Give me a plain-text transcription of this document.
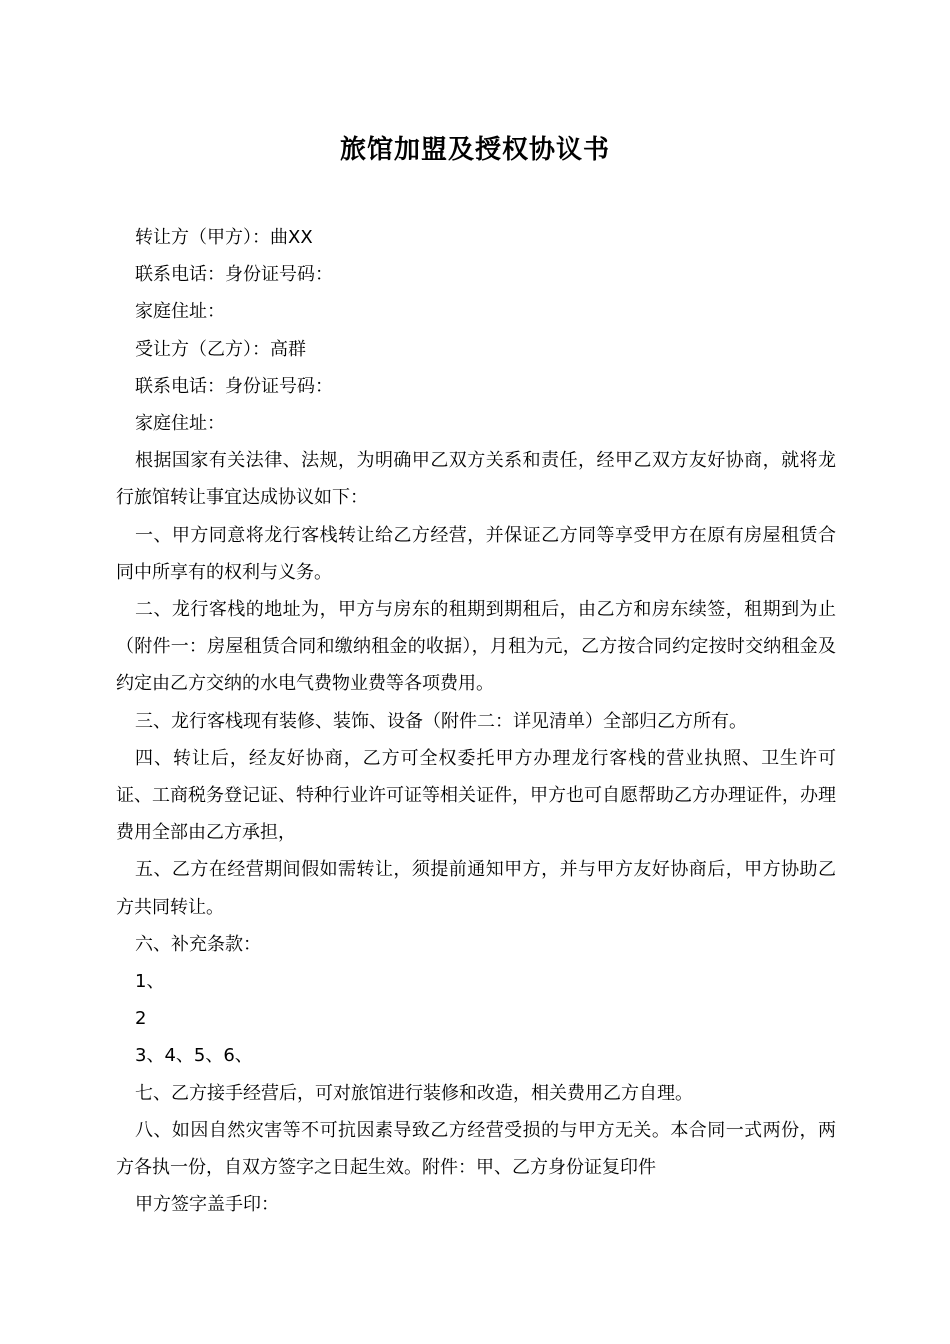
旅馆加盟及授权协议书

转让方（甲方）：曲XX

联系电话：身份证号码：

家庭住址：

受让方（乙方）：高群

联系电话：身份证号码：

家庭住址：

根据国家有关法律、法规，为明确甲乙双方关系和责任，经甲乙双方友好协商，就将龙行旅馆转让事宜达成协议如下：

一、甲方同意将龙行客栈转让给乙方经营，并保证乙方同等享受甲方在原有房屋租赁合同中所享有的权利与义务。

二、龙行客栈的地址为，甲方与房东的租期到期租后，由乙方和房东续签，租期到为止（附件一：房屋租赁合同和缴纳租金的收据），月租为元，乙方按合同约定按时交纳租金及约定由乙方交纳的水电气费物业费等各项费用。

三、龙行客栈现有装修、装饰、设备（附件二：详见清单）全部归乙方所有。

四、转让后，经友好协商，乙方可全权委托甲方办理龙行客栈的营业执照、卫生许可证、工商税务登记证、特种行业许可证等相关证件，甲方也可自愿帮助乙方办理证件，办理费用全部由乙方承担，

五、乙方在经营期间假如需转让，须提前通知甲方，并与甲方友好协商后，甲方协助乙方共同转让。

六、补充条款：

1、

2

3、4、5、6、

七、乙方接手经营后，可对旅馆进行装修和改造，相关费用乙方自理。

八、如因自然灾害等不可抗因素导致乙方经营受损的与甲方无关。本合同一式两份，两方各执一份，自双方签字之日起生效。附件：甲、乙方身份证复印件

甲方签字盖手印：
